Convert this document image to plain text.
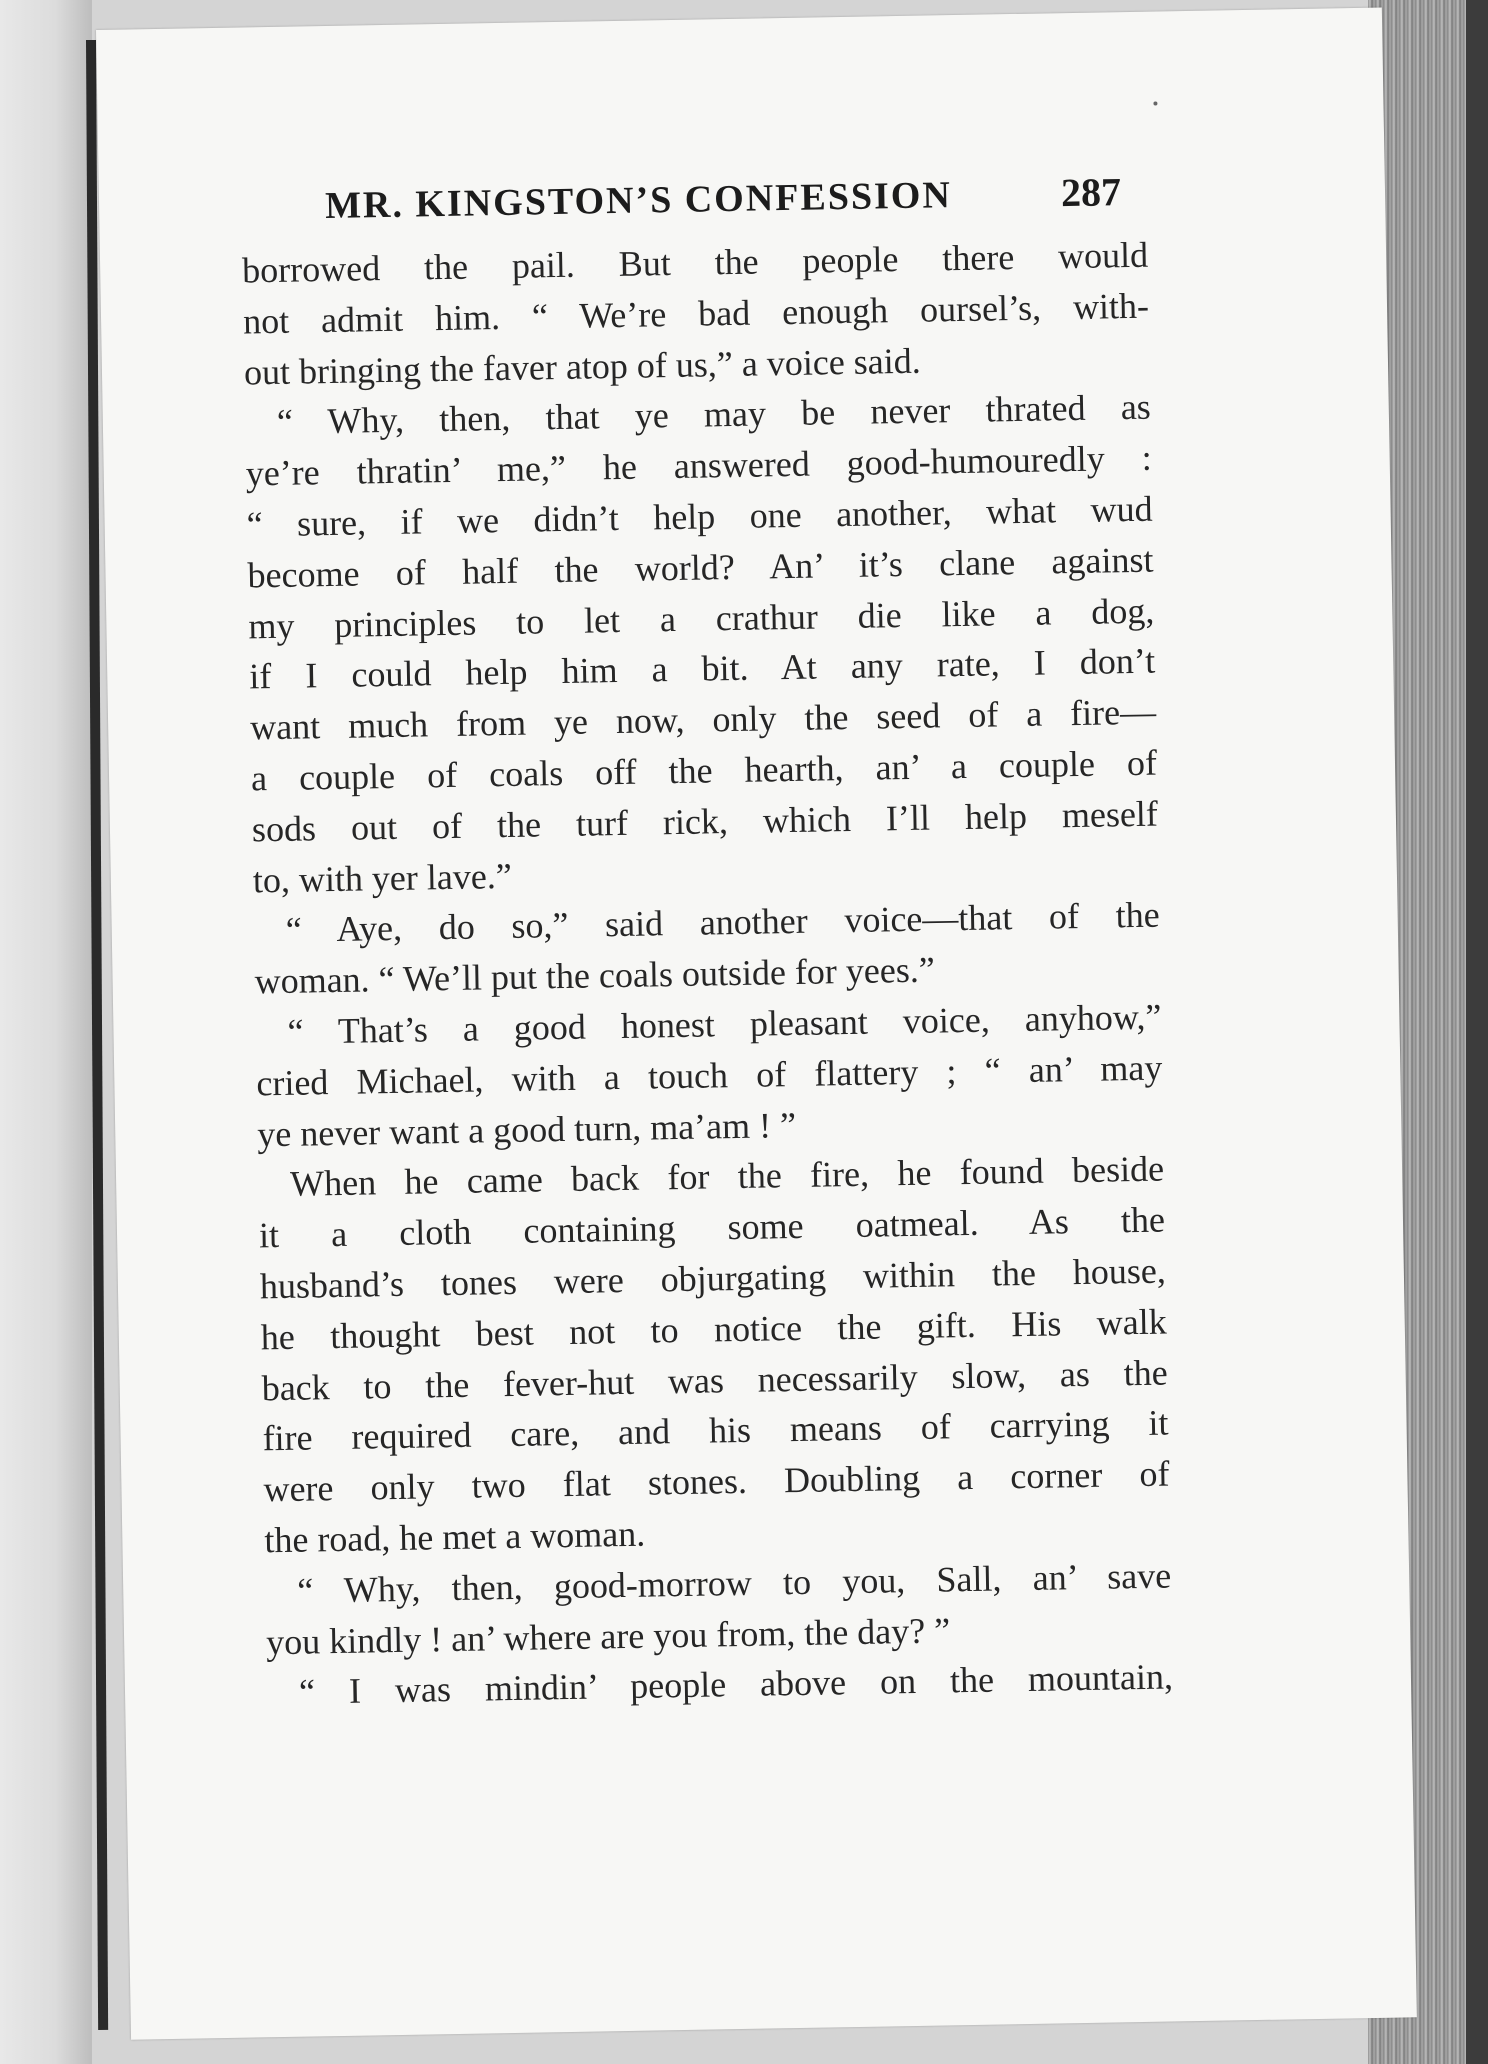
MR. KINGSTON’S CONFESSION	287
borrowed the pail. But the people there would
not admit him. “ We’re bad enough oursel’s, with-
out bringing the faver atop of us,” a voice said.
“ Why, then, that ye may be never thrated as
ye’re thratin’ me,” he answered good-humouredly :
“ sure, if we didn’t help one another, what wud
become of half the world? An’ it’s clane against
my principles to let a crathur die like a dog,
if I could help him a bit. At any rate, I don’t
want much from ye now, only the seed of a fire—
a couple of coals off the hearth, an’ a couple of
sods out of the turf rick, which I’ll help meself
to, with yer lave.”
“ Aye, do so,” said another voice—that of the
woman. “ We’ll put the coals outside for yees.”
“ That’s a good honest pleasant voice, anyhow,”
cried Michael, with a touch of flattery ; “ an’ may
ye never want a good turn, ma’am ! ”
When he came back for the fire, he found beside
it a cloth containing some oatmeal. As the
husband’s tones were objurgating within the house,
he thought best not to notice the gift. His walk
back to the fever-hut was necessarily slow, as the
fire required care, and his means of carrying it
were only two flat stones. Doubling a corner of
the road, he met a woman.
“ Why, then, good-morrow to you, Sall, an’ save
you kindly ! an’ where are you from, the day? ”
“ I was mindin’ people above on the mountain,
